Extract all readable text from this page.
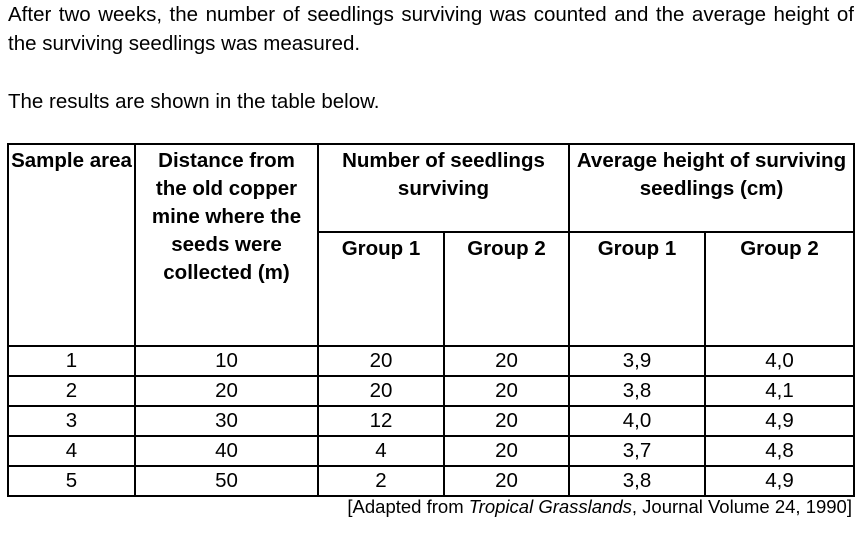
After two weeks, the number of seedlings surviving was counted and the average height of the surviving seedlings was measured.

The results are shown in the table below.

Sample area	Distance from the old copper mine where the seeds were collected (m)	Number of seedlings surviving		Average height of surviving seedlings (cm)	
		Group 1	Group 2	Group 1	Group 2
1	10	20	20	3,9	4,0
2	20	20	20	3,8	4,1
3	30	12	20	4,0	4,9
4	40	4	20	3,7	4,8
5	50	2	20	3,8	4,9
[Adapted from Tropical Grasslands, Journal Volume 24, 1990]
